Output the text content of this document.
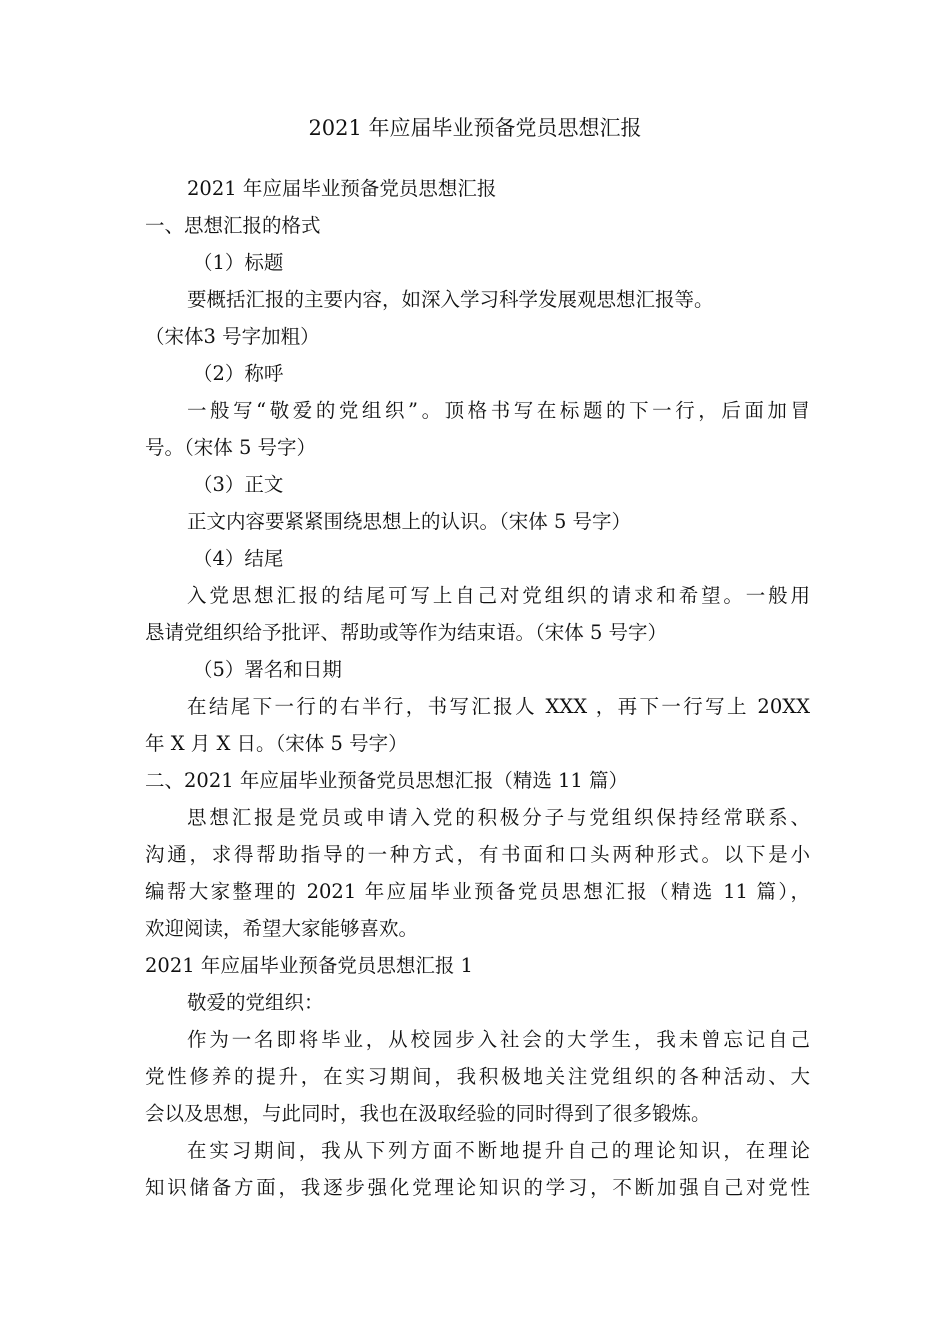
2021 年应届毕业预备党员思想汇报
2021 年应届毕业预备党员思想汇报
一、思想汇报的格式
（1）标题
要概括汇报的主要内容，如深入学习科学发展观思想汇报等。
（宋体3 号字加粗）
（2）称呼
一般写“敬爱的党组织”。顶格书写在标题的下一行，后面加冒
号。（宋体 5 号字）
（3）正文
正文内容要紧紧围绕思想上的认识。（宋体 5 号字）
（4）结尾
入党思想汇报的结尾可写上自己对党组织的请求和希望。一般用
恳请党组织给予批评、帮助或等作为结束语。（宋体 5 号字）
（5）署名和日期
在结尾下一行的右半行，书写汇报人 XXX ，再下一行写上 20XX
年 X 月 X 日。（宋体 5 号字）
二、2021 年应届毕业预备党员思想汇报（精选 11 篇）
思想汇报是党员或申请入党的积极分子与党组织保持经常联系、
沟通，求得帮助指导的一种方式，有书面和口头两种形式。以下是小
编帮大家整理的 2021 年应届毕业预备党员思想汇报（精选 11 篇），
欢迎阅读，希望大家能够喜欢。
2021 年应届毕业预备党员思想汇报 1
敬爱的党组织：
作为一名即将毕业，从校园步入社会的大学生，我未曾忘记自己
党性修养的提升，在实习期间，我积极地关注党组织的各种活动、大
会以及思想，与此同时，我也在汲取经验的同时得到了很多锻炼。
在实习期间，我从下列方面不断地提升自己的理论知识，在理论
知识储备方面，我逐步强化党理论知识的学习，不断加强自己对党性
